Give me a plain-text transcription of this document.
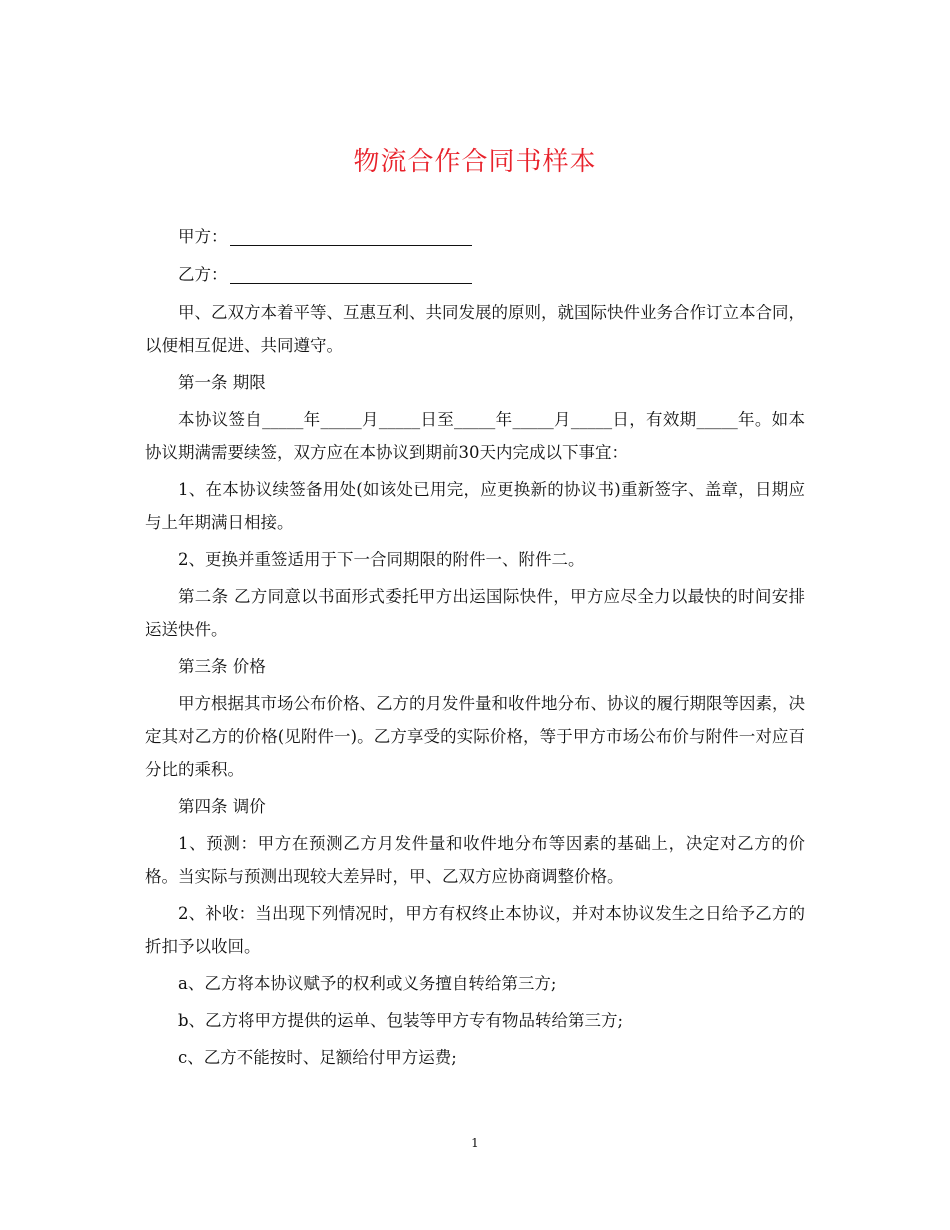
物流合作合同书样本
甲方：
乙方：

甲、乙双方本着平等、互惠互利、共同发展的原则，就国际快件业务合作订立本合同，以便相互促进、共同遵守。

第一条 期限

本协议签自_____年_____月_____日至_____年_____月_____日，有效期_____年。如本协议期满需要续签，双方应在本协议到期前30天内完成以下事宜：

1、在本协议续签备用处(如该处已用完，应更换新的协议书)重新签字、盖章，日期应与上年期满日相接。

2、更换并重签适用于下一合同期限的附件一、附件二。

第二条 乙方同意以书面形式委托甲方出运国际快件，甲方应尽全力以最快的时间安排运送快件。

第三条 价格

甲方根据其市场公布价格、乙方的月发件量和收件地分布、协议的履行期限等因素，决定其对乙方的价格(见附件一)。乙方享受的实际价格，等于甲方市场公布价与附件一对应百分比的乘积。

第四条 调价

1、预测：甲方在预测乙方月发件量和收件地分布等因素的基础上，决定对乙方的价格。当实际与预测出现较大差异时，甲、乙双方应协商调整价格。

2、补收：当出现下列情况时，甲方有权终止本协议，并对本协议发生之日给予乙方的折扣予以收回。

a、乙方将本协议赋予的权利或义务擅自转给第三方;

b、乙方将甲方提供的运单、包装等甲方专有物品转给第三方;

c、乙方不能按时、足额给付甲方运费;

1
